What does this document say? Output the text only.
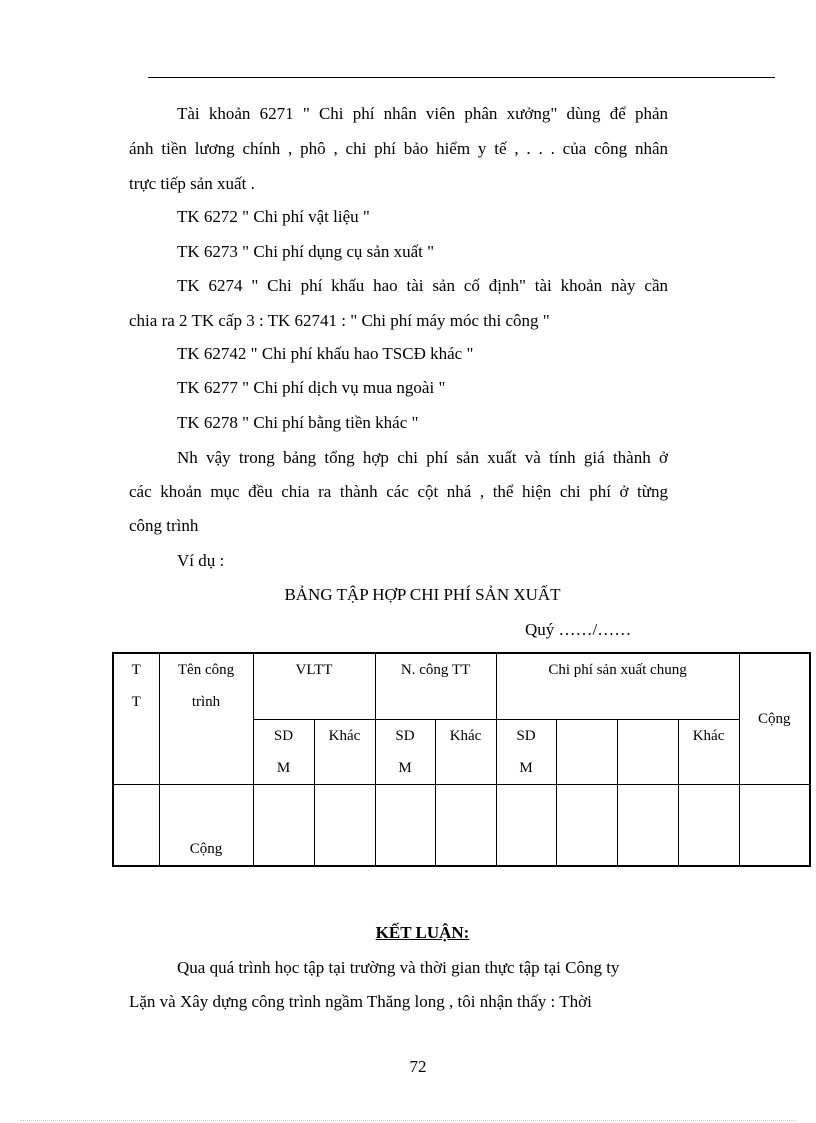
Tài khoản 6271 " Chi phí nhân viên phân xưởng" dùng để phản
ánh tiền lương chính , phô , chi phí bảo hiểm y tế , . . . của công nhân
trực tiếp sản xuất .
TK 6272 " Chi phí vật liệu "
TK 6273 " Chi phí dụng cụ sản xuất "
TK 6274 " Chi phí khấu hao tài sản cố định" tài khoản này cần
chia ra 2 TK cấp 3 : TK 62741 : " Chi phí máy móc thi công "
TK 62742 " Chi phí khấu hao TSCĐ khác "
TK 6277 " Chi phí dịch vụ mua ngoài "
TK 6278 " Chi phí bằng tiền khác "
Nh vậy trong bảng tổng hợp chi phí sản xuất và tính giá thành ở
các khoản mục đều chia ra thành các cột nhá , thể hiện chi phí ở từng
công trình
Ví dụ :
BẢNG TẬP HỢP CHI PHÍ SẢN XUẤT
Quý ……/……
T T	Tên công trình	VLTT		N. công TT		Chi phí sản xuất chung				Cộng
		SD M	Khác	SD M	Khác	SD M			Khác	
	Cộng									
KẾT LUẬN:
Qua quá trình học tập tại trường và thời gian thực tập tại Công ty
Lặn và Xây dựng công trình ngầm Thăng long , tôi nhận thấy : Thời
72
